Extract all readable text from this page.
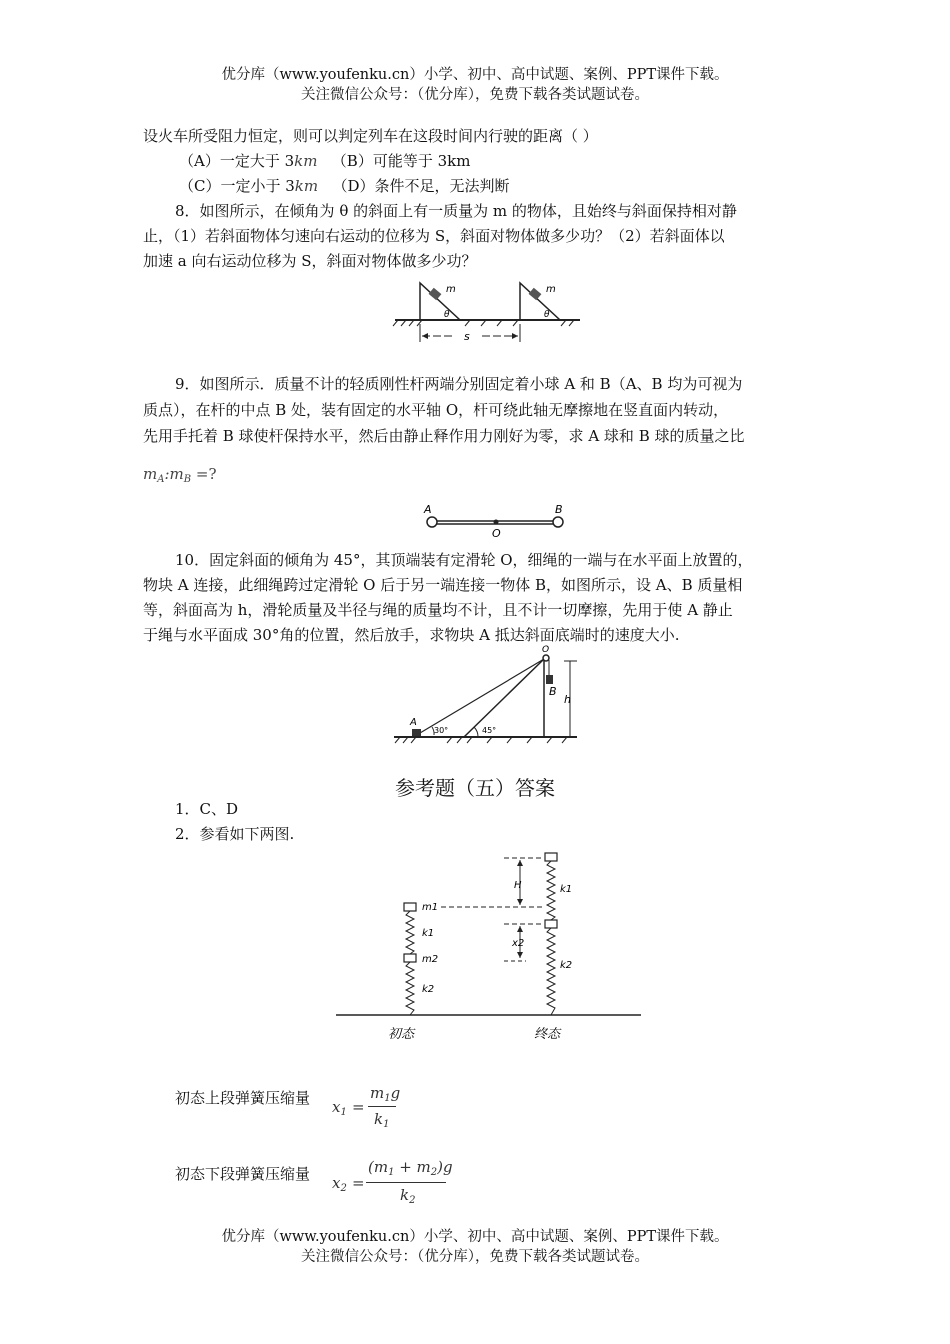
优分库（www.youfenku.cn）小学、初中、高中试题、案例、PPT课件下载。
关注微信公众号：（优分库），免费下载各类试题试卷。
设火车所受阻力恒定，则可以判定列车在这段时间内行驶的距离（ ）
（A）一定大于 3km （B）可能等于 3km
（C）一定小于 3km （D）条件不足，无法判断
8．如图所示，在倾角为 θ 的斜面上有一质量为 m 的物体，且始终与斜面保持相对静
止，（1）若斜面物体匀速向右运动的位移为 S，斜面对物体做多少功？（2）若斜面体以
加速 a 向右运动位移为 S，斜面对物体做多少功？
m
θ
m
θ
s
9．如图所示．质量不计的轻质刚性杆两端分别固定着小球 A 和 B（A、B 均为可视为
质点），在杆的中点 B 处，装有固定的水平轴 O，杆可绕此轴无摩擦地在竖直面内转动，
先用手托着 B 球使杆保持水平，然后由静止释作用力刚好为零，求 A 球和 B 球的质量之比
$m_A:m_B$ =?
A	B
O
10．固定斜面的倾角为 45°，其顶端装有定滑轮 O，细绳的一端与在水平面上放置的，
物块 A 连接，此细绳跨过定滑轮 O 后于另一端连接一物体 B，如图所示，设 A、B 质量相
等，斜面高为 h，滑轮质量及半径与绳的质量均不计，且不计一切摩擦，先用于使 A 静止
于绳与水平面成 30°角的位置，然后放手，求物块 A 抵达斜面底端时的速度大小.
O
B
h
A
30°	45°
参考题（五）答案
1．C、D
2．参看如下两图.
m1
k1
m2
k2
初态
k1
k2
H
x2
终态
初态上段弹簧压缩量	$x_1$ =
$m_1g$
$k_1$
初态下段弹簧压缩量	$x_2$ =
$(m_1 + m_2)g$
$k_2$
优分库（www.youfenku.cn）小学、初中、高中试题、案例、PPT课件下载。
关注微信公众号：（优分库），免费下载各类试题试卷。
